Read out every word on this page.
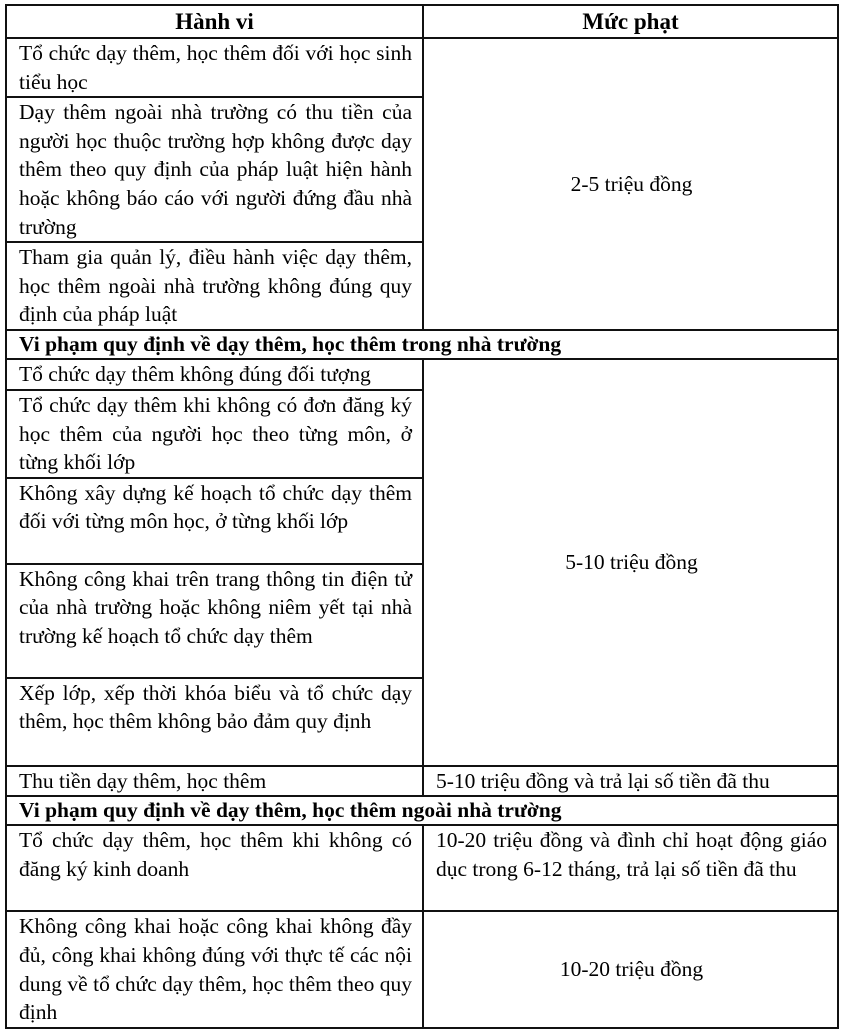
Hành vi	Mức phạt
Tổ chức dạy thêm, học thêm đối với học sinh tiểu học	2-5 triệu đồng
Dạy thêm ngoài nhà trường có thu tiền của người học thuộc trường hợp không được dạy thêm theo quy định của pháp luật hiện hành hoặc không báo cáo với người đứng đầu nhà trường	
Tham gia quản lý, điều hành việc dạy thêm, học thêm ngoài nhà trường không đúng quy định của pháp luật	
Vi phạm quy định về dạy thêm, học thêm trong nhà trường	
Tổ chức dạy thêm không đúng đối tượng	5-10 triệu đồng
Tổ chức dạy thêm khi không có đơn đăng ký học thêm của người học theo từng môn, ở từng khối lớp	
Không xây dựng kế hoạch tổ chức dạy thêm đối với từng môn học, ở từng khối lớp	
Không công khai trên trang thông tin điện tử của nhà trường hoặc không niêm yết tại nhà trường kế hoạch tổ chức dạy thêm	
Xếp lớp, xếp thời khóa biểu và tổ chức dạy thêm, học thêm không bảo đảm quy định	
Thu tiền dạy thêm, học thêm	5-10 triệu đồng và trả lại số tiền đã thu
Vi phạm quy định về dạy thêm, học thêm ngoài nhà trường	
Tổ chức dạy thêm, học thêm khi không có đăng ký kinh doanh	10-20 triệu đồng và đình chỉ hoạt động giáo dục trong 6-12 tháng, trả lại số tiền đã thu
Không công khai hoặc công khai không đầy đủ, công khai không đúng với thực tế các nội dung về tổ chức dạy thêm, học thêm theo quy định	10-20 triệu đồng
